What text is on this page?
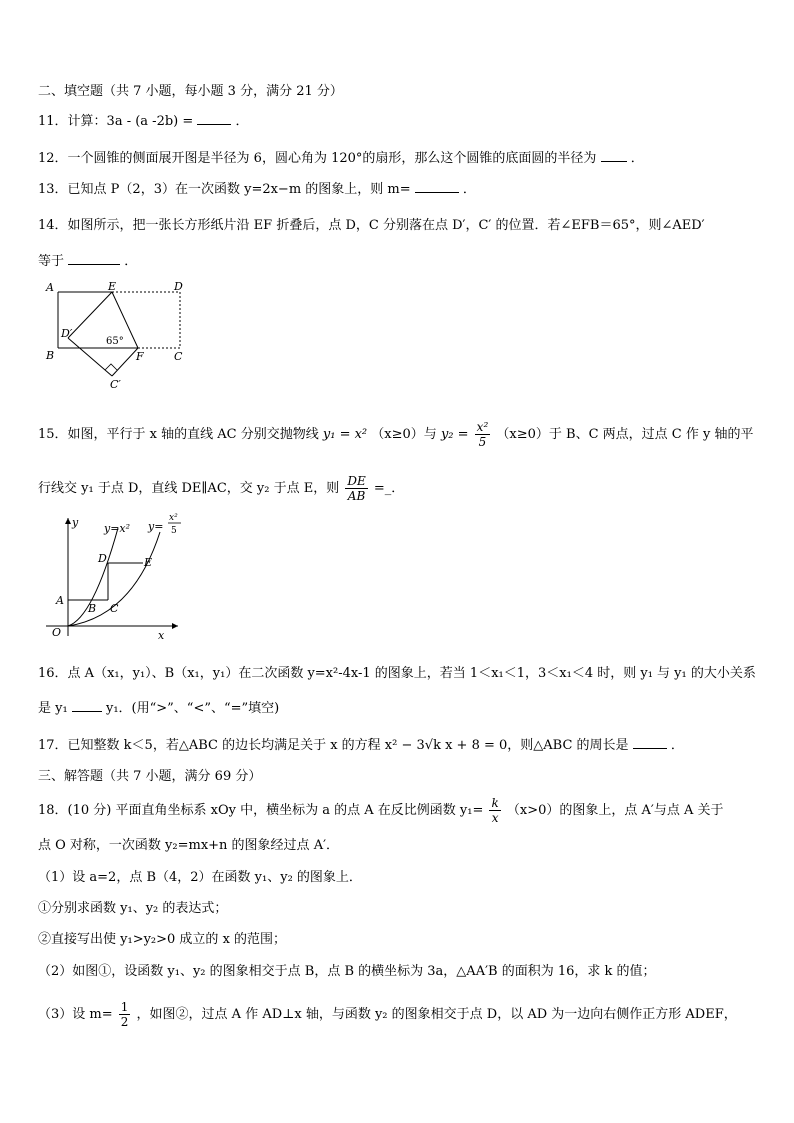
二、填空题（共 7 小题，每小题 3 分，满分 21 分）
11．计算：3a - (a -2b) =	．
12．一个圆锥的侧面展开图是半径为 6，圆心角为 120°的扇形，那么这个圆锥的底面圆的半径为	．
13．已知点 P（2，3）在一次函数 y=2x−m 的图象上，则 m=	．
14．如图所示，把一张长方形纸片沿 EF 折叠后，点 D，C 分别落在点 D′，C′ 的位置．若∠EFB＝65°，则∠AED′
等于	．
A	E	D
D′
B	F	C
C′
65°
15．如图，平行于 x 轴的直线 AC 分别交抛物线 y₁ = x² （x≥0）与 $y_2 = \frac{\text{x²}}{5} (x\ge 0)$于 B、C 两点，过点 C 作 y 轴的平
行线交 y₁ 于点 D，直线 DE∥AC，交 y₂ 于点 E，则 $\frac{DE}{AB}$ =_．
y
x
O
A
B C
D	E
y=x² y=
x²
5
16．点 A（x₁，y₁）、B（x₁，y₁）在二次函数 y=x²-4x-1 的图象上，若当 1＜x₁＜1，3＜x₁＜4 时，则 y₁ 与 y₁ 的大小关系
是 y₁	y₁．(用“>”、“<”、“=”填空)
17．已知整数 k＜5，若△ABC 的边长均满足关于 x 的方程 x² − 3√k x + 8 = 0，则△ABC 的周长是	．
三、解答题（共 7 小题，满分 69 分）
18．(10 分) 平面直角坐标系 xOy 中，横坐标为 a 的点 A 在反比例函数 $y_1= \frac{k}{x} (x>0)$的图象上，点 A′与点 A 关于
点 O 对称，一次函数 y₂=mx+n 的图象经过点 A′．
（1）设 a=2，点 B（4，2）在函数 y₁、y₂ 的图象上．
①分别求函数 y₁、y₂ 的表达式；
②直接写出使 y₁>y₂>0 成立的 x 的范围；
（2）如图①，设函数 y₁、y₂ 的图象相交于点 B，点 B 的横坐标为 3a，△AA′B 的面积为 16，求 k 的值；
（3）设 $m= \frac{1}{2}$ ，如图②，过点 A 作 AD⊥x 轴，与函数 y₂ 的图象相交于点 D，以 AD 为一边向右侧作正方形 ADEF，
